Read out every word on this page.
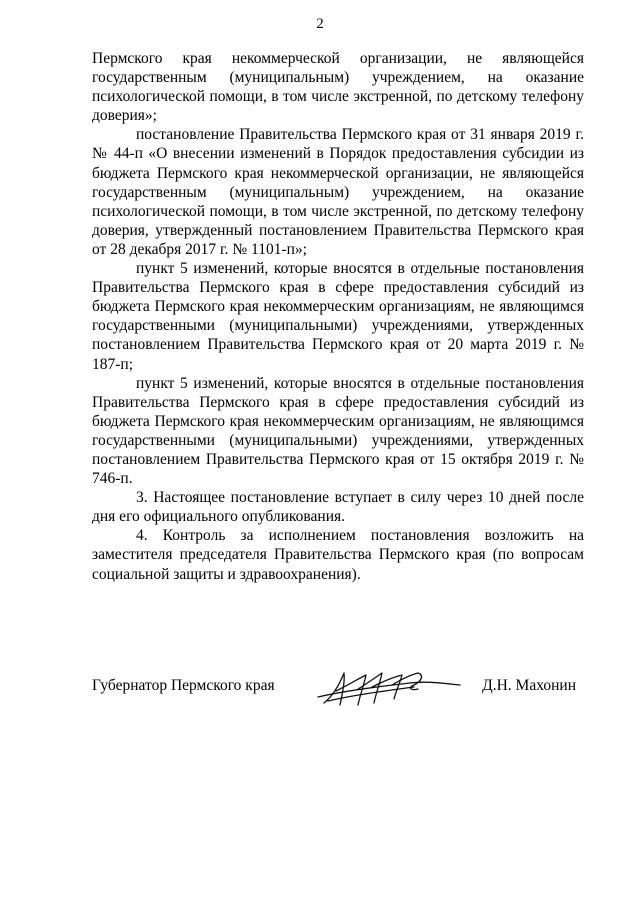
2

Пермского края некоммерческой организации, не являющейся государственным (муниципальным) учреждением, на оказание психологической помощи, в том числе экстренной, по детскому телефону доверия»;

постановление Правительства Пермского края от 31 января 2019 г. № 44-п «О внесении изменений в Порядок предоставления субсидии из бюджета Пермского края некоммерческой организации, не являющейся государственным (муниципальным) учреждением, на оказание психологической помощи, в том числе экстренной, по детскому телефону доверия, утвержденный постановлением Правительства Пермского края от 28 декабря 2017 г. № 1101-п»;

пункт 5 изменений, которые вносятся в отдельные постановления Правительства Пермского края в сфере предоставления субсидий из бюджета Пермского края некоммерческим организациям, не являющимся государственными (муниципальными) учреждениями, утвержденных постановлением Правительства Пермского края от 20 марта 2019 г. № 187-п;

пункт 5 изменений, которые вносятся в отдельные постановления Правительства Пермского края в сфере предоставления субсидий из бюджета Пермского края некоммерческим организациям, не являющимся государственными (муниципальными) учреждениями, утвержденных постановлением Правительства Пермского края от 15 октября 2019 г. № 746-п.

3. Настоящее постановление вступает в силу через 10 дней после дня его официального опубликования.

4. Контроль за исполнением постановления возложить на заместителя председателя Правительства Пермского края (по вопросам социальной защиты и здравоохранения).

Губернатор Пермского края	Д.Н. Махонин
